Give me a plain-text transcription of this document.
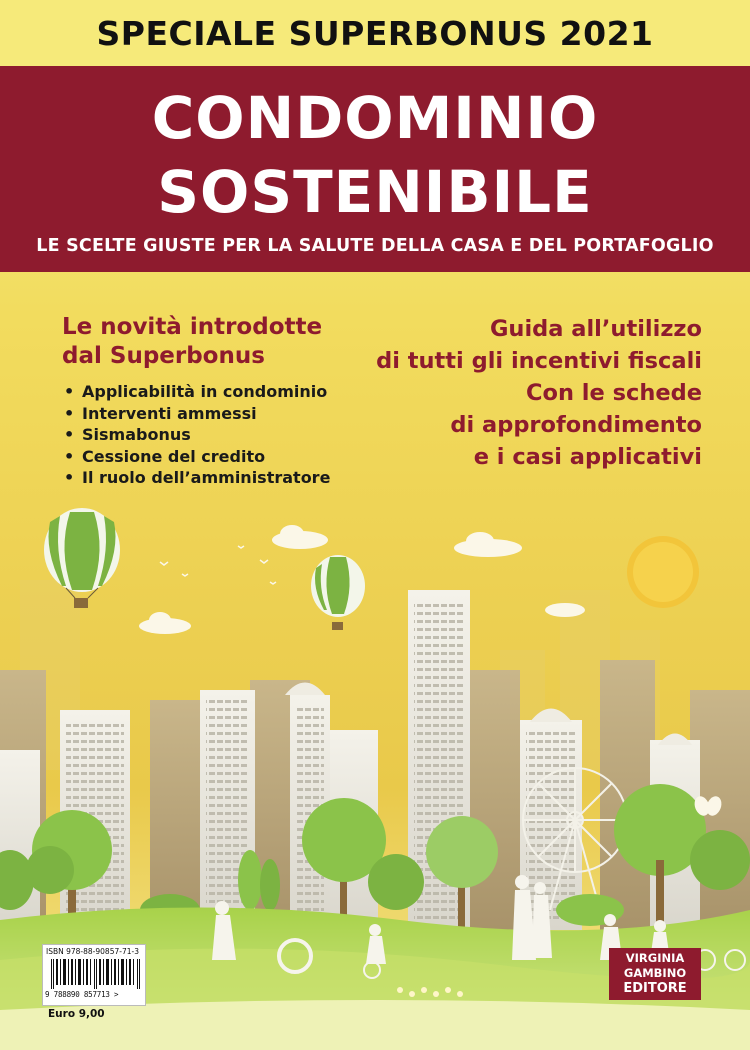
SPECIALE SUPERBONUS 2021
CONDOMINIO
SOSTENIBILE
LE SCELTE GIUSTE PER LA SALUTE DELLA CASA E DEL PORTAFOGLIO
Le novità introdotte
dal Superbonus
• Applicabilità in condominio
• Interventi ammessi
• Sismabonus
• Cessione del credito
• Il ruolo dell’amministratore
Guida all’utilizzo
di tutti gli incentivi fiscali
Con le schede
di approfondimento
e i casi applicativi
ISBN 978-88-90857-71-3
9 788890 857713 >
Euro 9,00
VIRGINIA
GAMBINO
EDITORE
